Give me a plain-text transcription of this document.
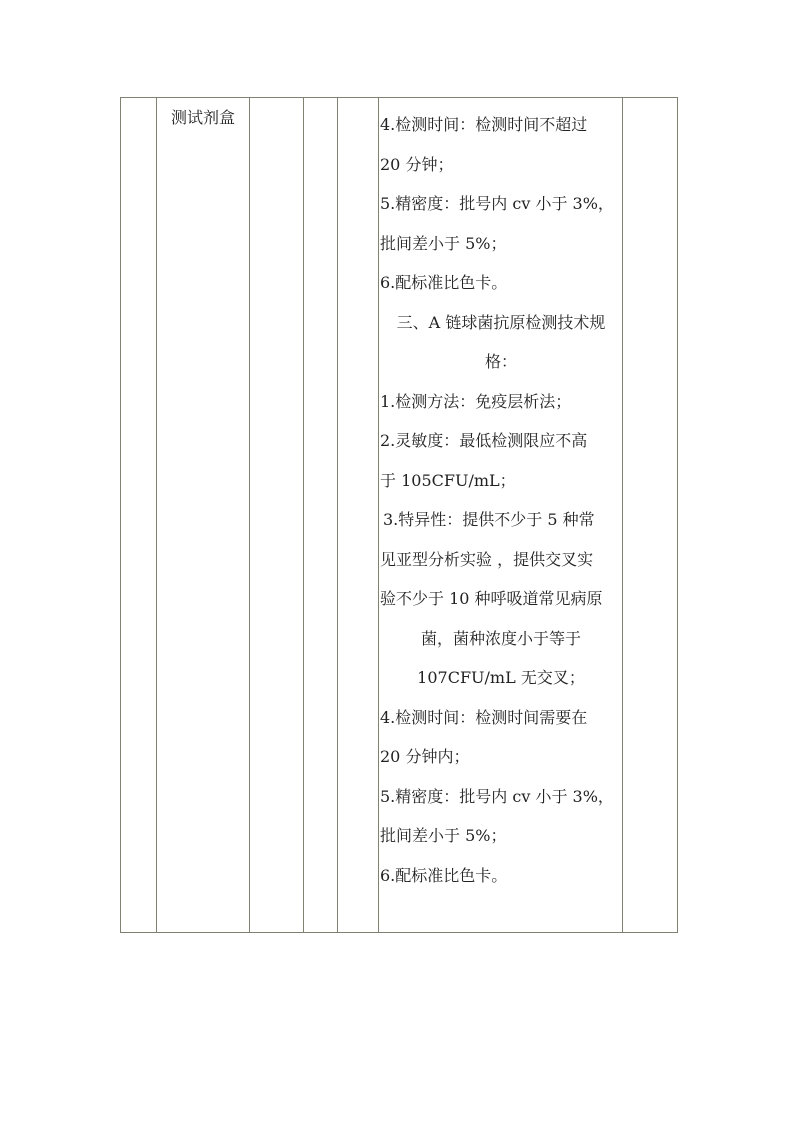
测试剂盒				4.检测时间：检测时间不超过
20 分钟；
5.精密度：批号内 cv 小于 3%，
批间差小于 5%；
6.配标准比色卡。
三、A 链球菌抗原检测技术规
格：
1.检测方法：免疫层析法；
2.灵敏度：最低检测限应不高
于 105CFU/mL；
3.特异性：提供不少于 5 种常
见亚型分析实验 ，提供交叉实
验不少于 10 种呼吸道常见病原
菌，菌种浓度小于等于
107CFU/mL 无交叉；
4.检测时间：检测时间需要在
20 分钟内；
5.精密度：批号内 cv 小于 3%，
批间差小于 5%；
6.配标准比色卡。
